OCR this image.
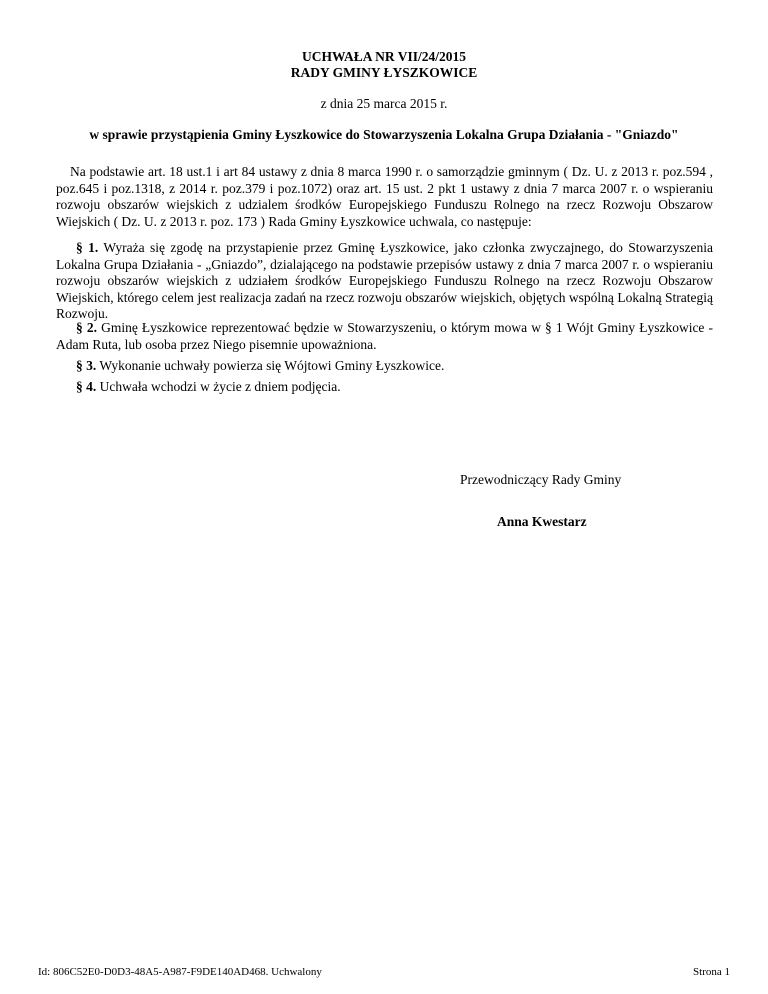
UCHWAŁA NR VII/24/2015
RADY GMINY ŁYSZKOWICE
z dnia 25 marca 2015 r.
w sprawie przystąpienia Gminy Łyszkowice do Stowarzyszenia Lokalna Grupa Działania - "Gniazdo"

Na podstawie art. 18 ust.1 i art 84 ustawy z dnia 8 marca 1990 r. o samorządzie gminnym ( Dz. U. z 2013 r. poz.594 , poz.645 i poz.1318, z 2014 r. poz.379 i poz.1072) oraz art. 15 ust. 2 pkt 1 ustawy z dnia 7 marca 2007 r. o wspieraniu rozwoju obszarów wiejskich z udzialem środków Europejskiego Funduszu Rolnego na rzecz Rozwoju Obszarow Wiejskich ( Dz. U. z 2013 r. poz. 173 ) Rada Gminy Łyszkowice uchwala, co następuje:

§ 1. Wyraża się zgodę na przystapienie przez Gminę Łyszkowice, jako członka zwyczajnego, do Stowarzyszenia Lokalna Grupa Działania - „Gniazdo”, dzialającego na podstawie przepisów ustawy z dnia 7 marca 2007 r. o wspieraniu rozwoju obszarów wiejskich z udziałem środków Europejskiego Funduszu Rolnego na rzecz Rozwoju Obszarow Wiejskich, którego celem jest realizacja zadań na rzecz rozwoju obszarów wiejskich, objętych wspólną Lokalną Strategią Rozwoju.

§ 2. Gminę Łyszkowice reprezentować będzie w Stowarzyszeniu, o którym mowa w § 1 Wójt Gminy Łyszkowice - Adam Ruta, lub osoba przez Niego pisemnie upoważniona.

§ 3. Wykonanie uchwały powierza się Wójtowi Gminy Łyszkowice.

§ 4. Uchwała wchodzi w życie z dniem podjęcia.

Przewodniczący Rady Gminy
Anna Kwestarz
Id: 806C52E0-D0D3-48A5-A987-F9DE140AD468. Uchwalony	Strona 1
